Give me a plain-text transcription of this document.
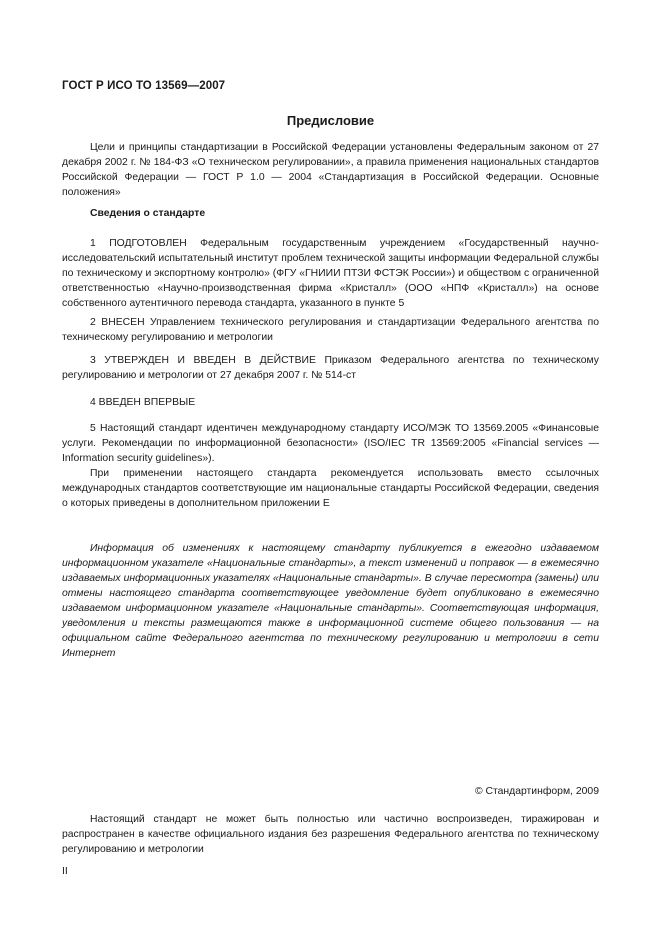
ГОСТ Р ИСО ТО 13569—2007
Предисловие

Цели и принципы стандартизации в Российской Федерации установлены Федеральным законом от 27 декабря 2002 г. № 184-ФЗ «О техническом регулировании», а правила применения национальных стандартов Российской Федерации — ГОСТ Р 1.0 — 2004 «Стандартизация в Российской Федерации. Основные положения»

Сведения о стандарте

1 ПОДГОТОВЛЕН Федеральным государственным учреждением «Государственный научно-исследовательский испытательный институт проблем технической защиты информации Федеральной службы по техническому и экспортному контролю» (ФГУ «ГНИИИ ПТЗИ ФСТЭК России») и обществом с ограниченной ответственностью «Научно-производственная фирма «Кристалл» (ООО «НПФ «Кристалл») на основе собственного аутентичного перевода стандарта, указанного в пункте 5

2 ВНЕСЕН Управлением технического регулирования и стандартизации Федерального агентства по техническому регулированию и метрологии

3 УТВЕРЖДЕН И ВВЕДЕН В ДЕЙСТВИЕ Приказом Федерального агентства по техническому регулированию и метрологии от 27 декабря 2007 г. № 514-ст

4 ВВЕДЕН ВПЕРВЫЕ

5 Настоящий стандарт идентичен международному стандарту ИСО/МЭК ТО 13569.2005 «Финансовые услуги. Рекомендации по информационной безопасности» (ISO/IEC TR 13569:2005 «Financial services — Information security guidelines»).

При применении настоящего стандарта рекомендуется использовать вместо ссылочных международных стандартов соответствующие им национальные стандарты Российской Федерации, сведения о которых приведены в дополнительном приложении Е

Информация об изменениях к настоящему стандарту публикуется в ежегодно издаваемом информационном указателе «Национальные стандарты», а текст изменений и поправок — в ежемесячно издаваемых информационных указателях «Национальные стандарты». В случае пересмотра (замены) или отмены настоящего стандарта соответствующее уведомление будет опубликовано в ежемесячно издаваемом информационном указателе «Национальные стандарты». Соответствующая информация, уведомления и тексты размещаются также в информационной системе общего пользования — на официальном сайте Федерального агентства по техническому регулированию и метрологии в сети Интернет

© Стандартинформ, 2009

Настоящий стандарт не может быть полностью или частично воспроизведен, тиражирован и распространен в качестве официального издания без разрешения Федерального агентства по техническому регулированию и метрологии

II
